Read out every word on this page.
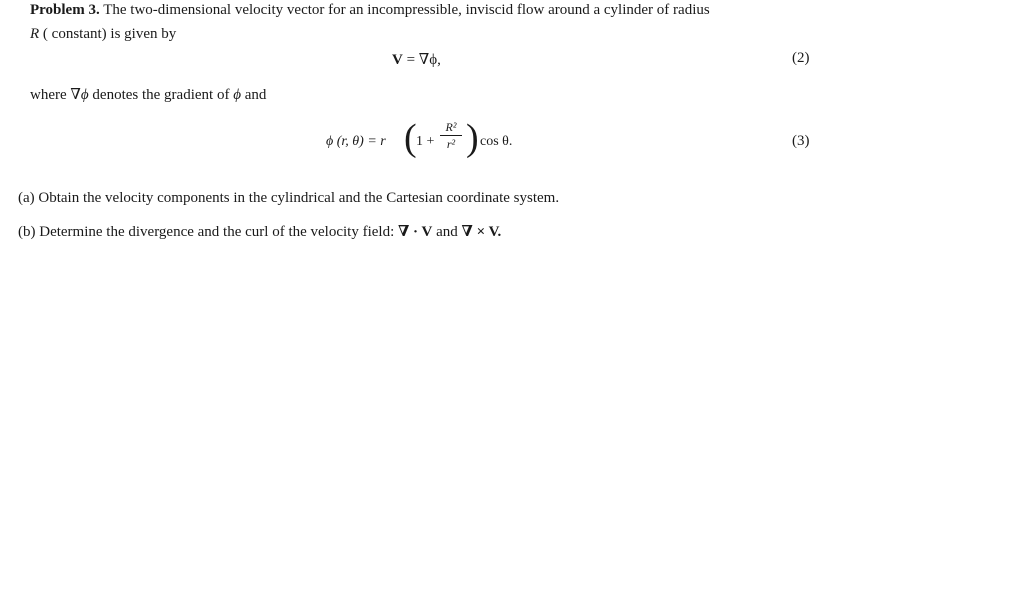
Problem 3. The two-dimensional velocity vector for an incompressible, inviscid flow around a cylinder of radius
R ( constant) is given by
V = ∇ϕ,	(2)
where ∇ϕ denotes the gradient of ϕ and
ϕ (r, θ) = r ( 1 +
R²
r² ) cos θ.	(3)
(a) Obtain the velocity components in the cylindrical and the Cartesian coordinate system.
(b) Determine the divergence and the curl of the velocity field: ∇ · V and ∇ × V.
